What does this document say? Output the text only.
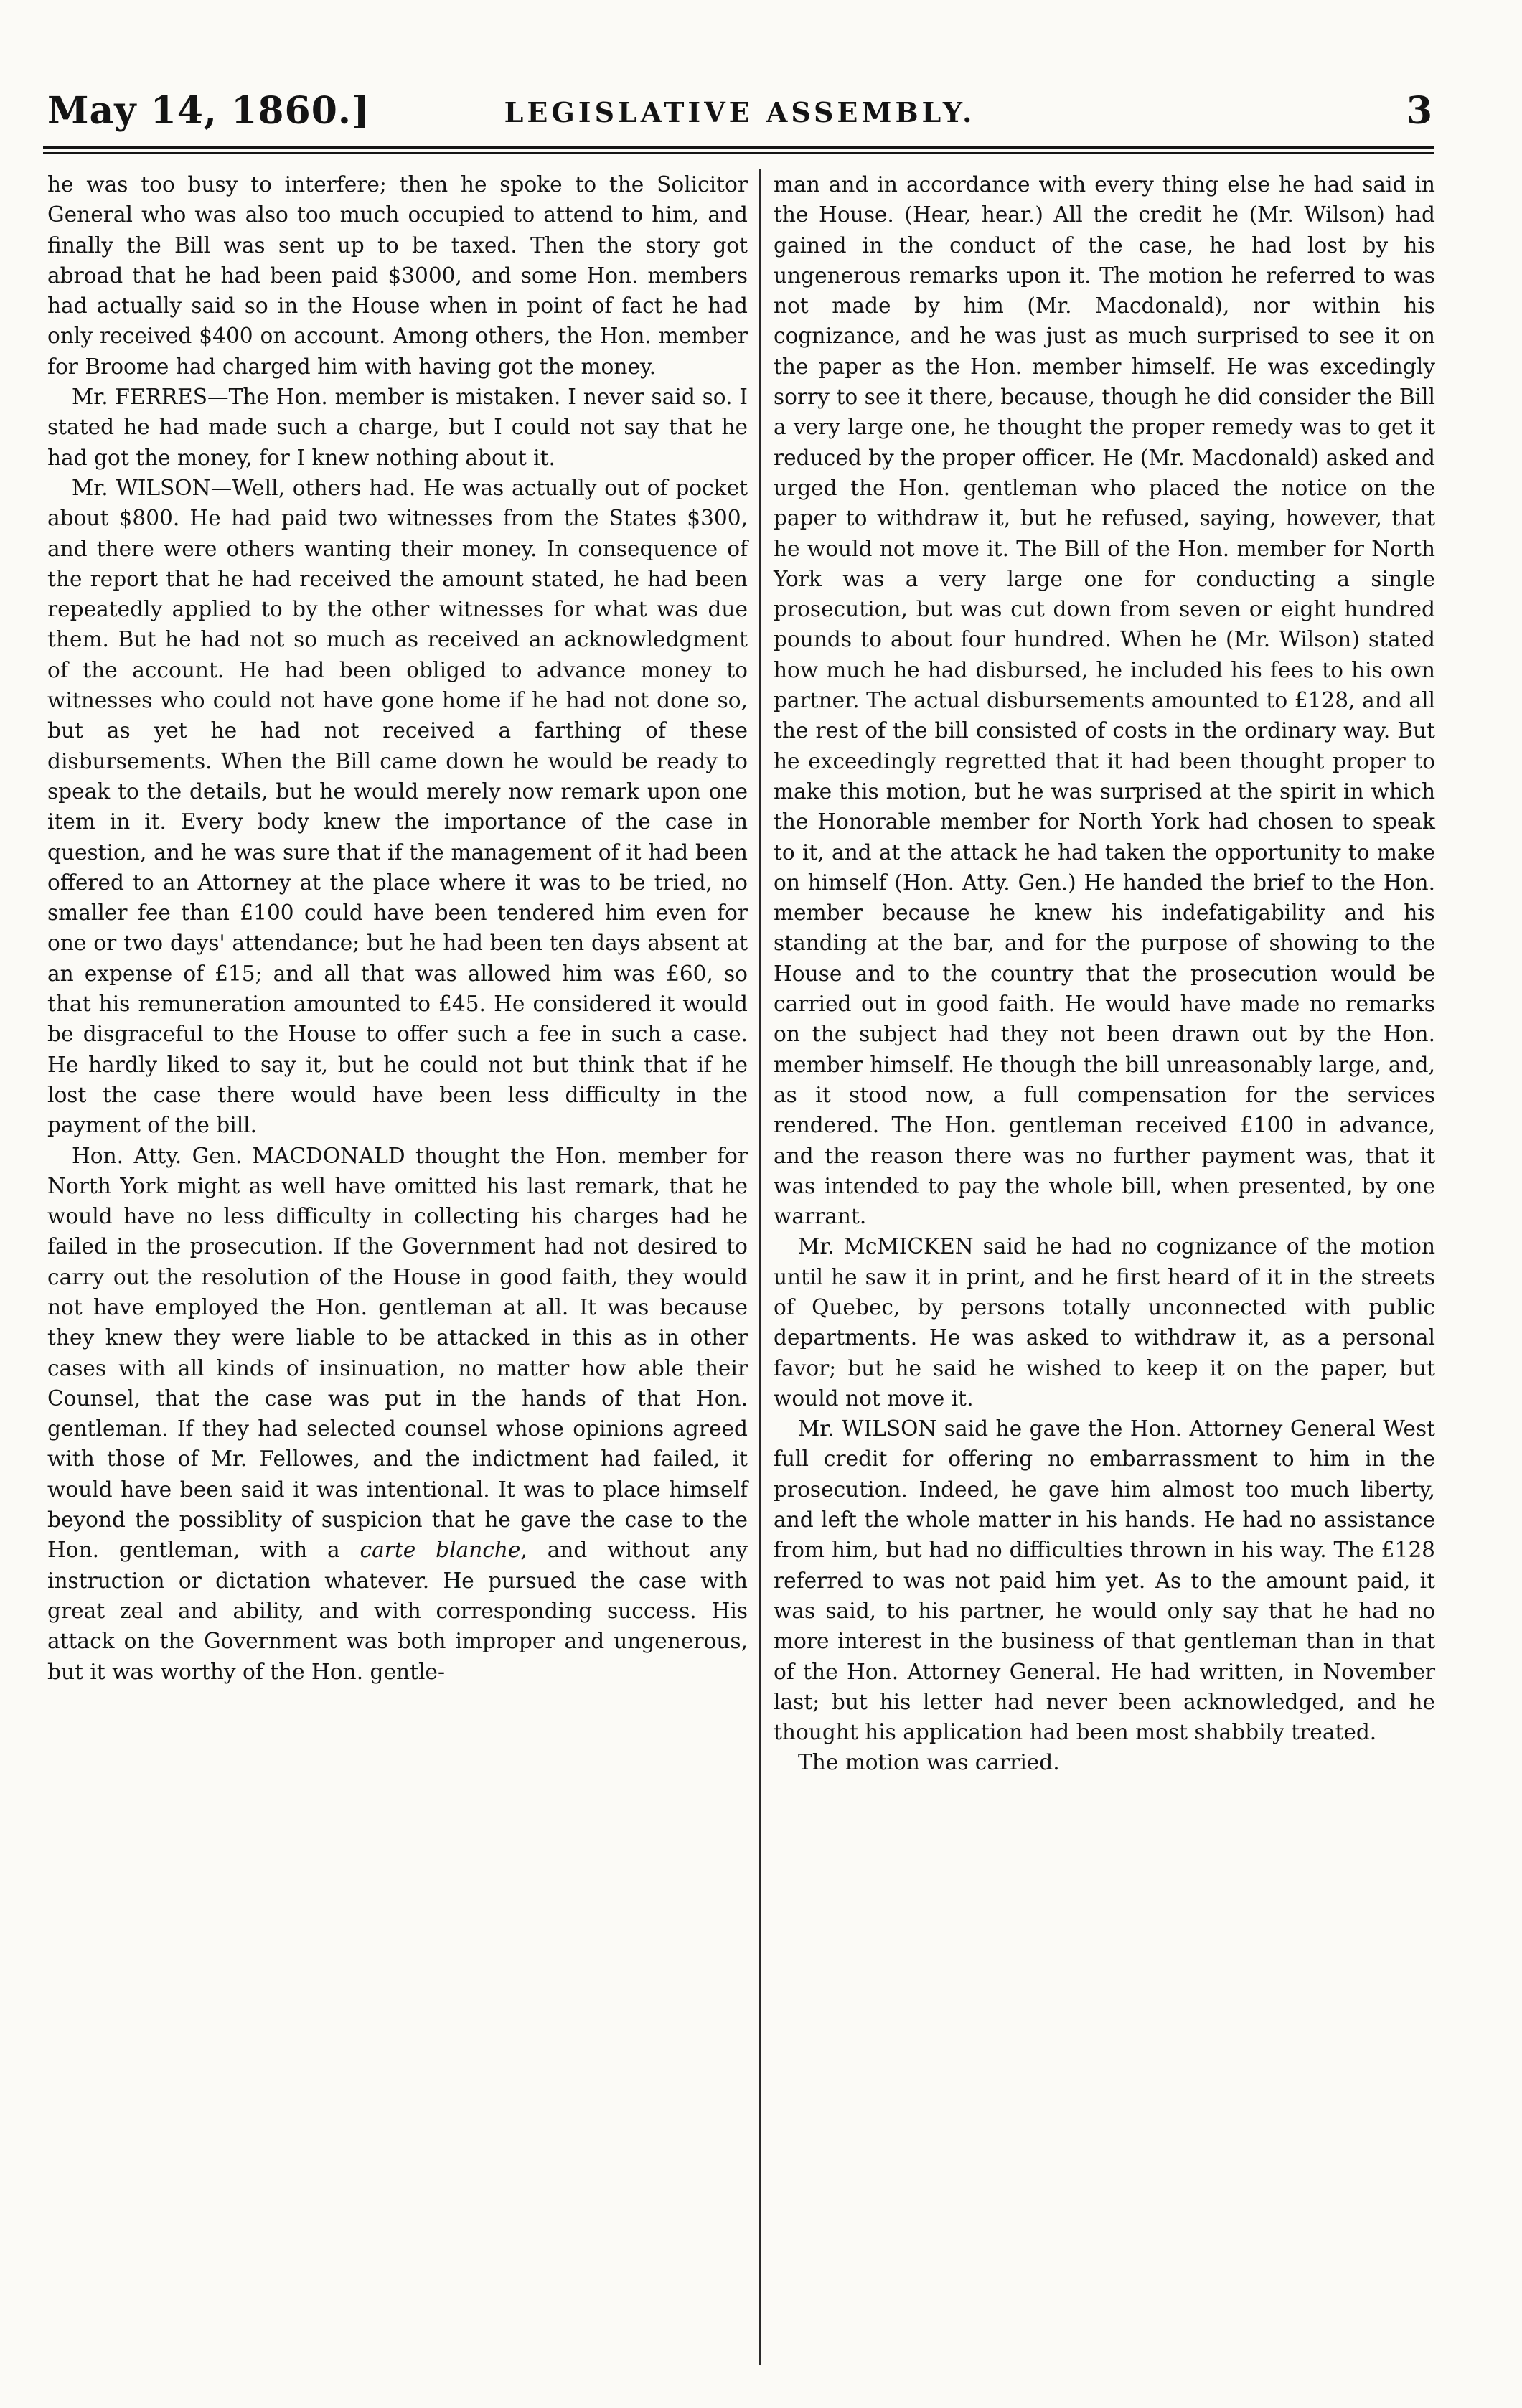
May 14, 1860.]	LEGISLATIVE ASSEMBLY.	3

he was too busy to interfere; then he spoke to the Solicitor General who was also too much occupied to attend to him, and finally the Bill was sent up to be taxed. Then the story got abroad that he had been paid $3000, and some Hon. members had actually said so in the House when in point of fact he had only received $400 on account. Among others, the Hon. member for Broome had charged him with having got the money.

Mr. FERRES—The Hon. member is mistaken. I never said so. I stated he had made such a charge, but I could not say that he had got the money, for I knew nothing about it.

Mr. WILSON—Well, others had. He was actually out of pocket about $800. He had paid two witnesses from the States $300, and there were others wanting their money. In consequence of the report that he had received the amount stated, he had been repeatedly applied to by the other witnesses for what was due them. But he had not so much as received an acknowledgment of the account. He had been obliged to advance money to witnesses who could not have gone home if he had not done so, but as yet he had not received a farthing of these disbursements. When the Bill came down he would be ready to speak to the details, but he would merely now remark upon one item in it. Every body knew the importance of the case in question, and he was sure that if the management of it had been offered to an Attorney at the place where it was to be tried, no smaller fee than £100 could have been tendered him even for one or two days' attendance; but he had been ten days absent at an expense of £15; and all that was allowed him was £60, so that his remuneration amounted to £45. He considered it would be disgraceful to the House to offer such a fee in such a case. He hardly liked to say it, but he could not but think that if he lost the case there would have been less difficulty in the payment of the bill.

Hon. Atty. Gen. MACDONALD thought the Hon. member for North York might as well have omitted his last remark, that he would have no less difficulty in collecting his charges had he failed in the prosecution. If the Government had not desired to carry out the resolution of the House in good faith, they would not have employed the Hon. gentleman at all. It was because they knew they were liable to be attacked in this as in other cases with all kinds of insinuation, no matter how able their Counsel, that the case was put in the hands of that Hon. gentleman. If they had selected counsel whose opinions agreed with those of Mr. Fellowes, and the indictment had failed, it would have been said it was intentional. It was to place himself beyond the possiblity of suspicion that he gave the case to the Hon. gentleman, with a carte blanche, and without any instruction or dictation whatever. He pursued the case with great zeal and ability, and with corresponding success. His attack on the Government was both improper and ungenerous, but it was worthy of the Hon. gentle-

man and in accordance with every thing else he had said in the House. (Hear, hear.) All the credit he (Mr. Wilson) had gained in the conduct of the case, he had lost by his ungenerous remarks upon it. The motion he referred to was not made by him (Mr. Macdonald), nor within his cognizance, and he was just as much surprised to see it on the paper as the Hon. member himself. He was excedingly sorry to see it there, because, though he did consider the Bill a very large one, he thought the proper remedy was to get it reduced by the proper officer. He (Mr. Macdonald) asked and urged the Hon. gentleman who placed the notice on the paper to withdraw it, but he refused, saying, however, that he would not move it. The Bill of the Hon. member for North York was a very large one for conducting a single prosecution, but was cut down from seven or eight hundred pounds to about four hundred. When he (Mr. Wilson) stated how much he had disbursed, he included his fees to his own partner. The actual disbursements amounted to £128, and all the rest of the bill consisted of costs in the ordinary way. But he exceedingly regretted that it had been thought proper to make this motion, but he was surprised at the spirit in which the Honorable member for North York had chosen to speak to it, and at the attack he had taken the opportunity to make on himself (Hon. Atty. Gen.) He handed the brief to the Hon. member because he knew his indefatigability and his standing at the bar, and for the purpose of showing to the House and to the country that the prosecution would be carried out in good faith. He would have made no remarks on the subject had they not been drawn out by the Hon. member himself. He though the bill unreasonably large, and, as it stood now, a full compensation for the services rendered. The Hon. gentleman received £100 in advance, and the reason there was no further payment was, that it was intended to pay the whole bill, when presented, by one warrant.

Mr. McMICKEN said he had no cognizance of the motion until he saw it in print, and he first heard of it in the streets of Quebec, by persons totally unconnected with public departments. He was asked to withdraw it, as a personal favor; but he said he wished to keep it on the paper, but would not move it.

Mr. WILSON said he gave the Hon. Attorney General West full credit for offering no embarrassment to him in the prosecution. Indeed, he gave him almost too much liberty, and left the whole matter in his hands. He had no assistance from him, but had no difficulties thrown in his way. The £128 referred to was not paid him yet. As to the amount paid, it was said, to his partner, he would only say that he had no more interest in the business of that gentleman than in that of the Hon. Attorney General. He had written, in November last; but his letter had never been acknowledged, and he thought his application had been most shabbily treated.

The motion was carried.
